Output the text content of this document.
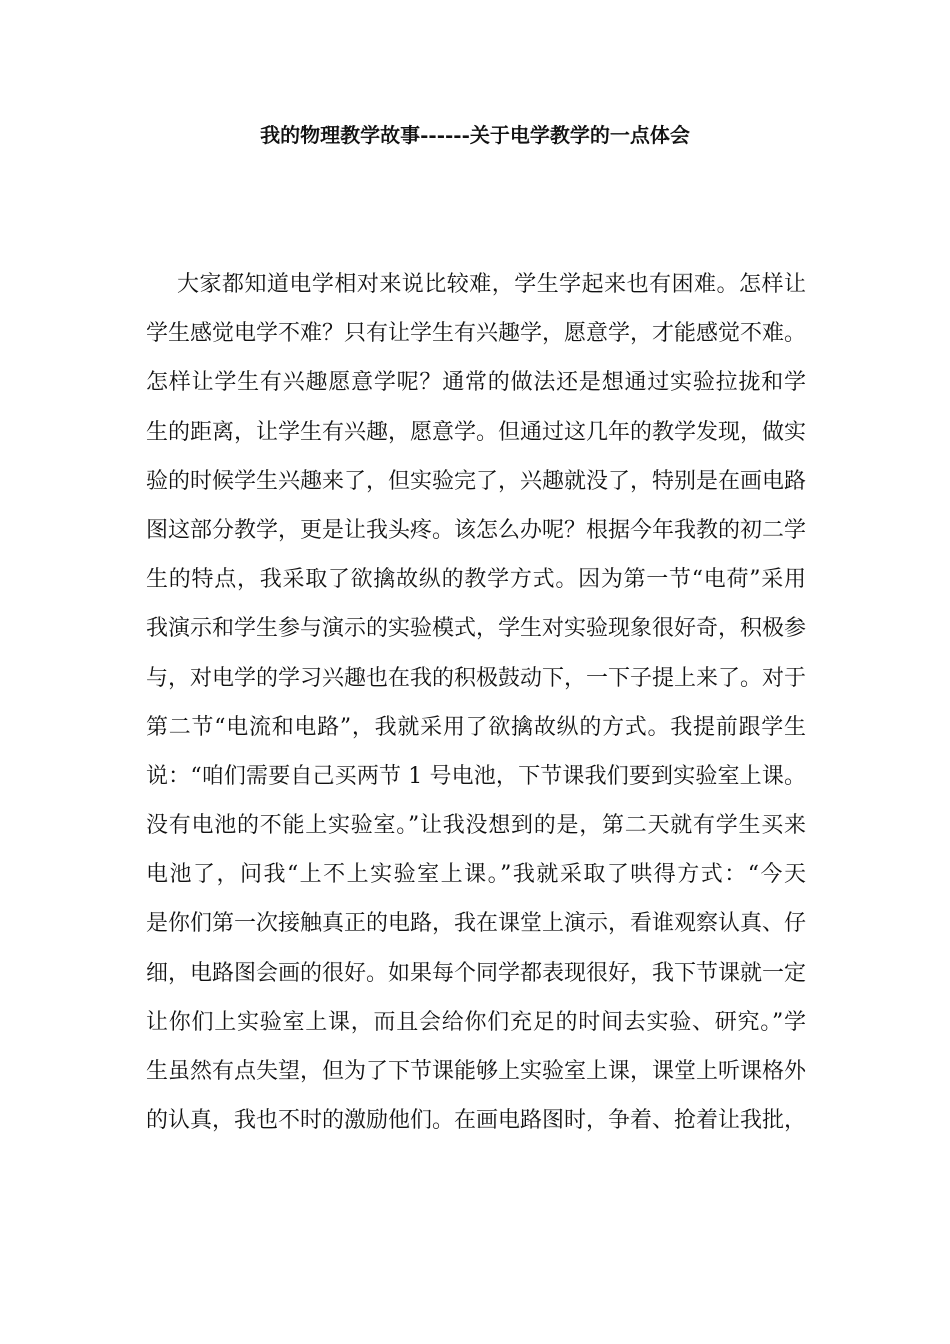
我的物理教学故事------关于电学教学的一点体会
大家都知道电学相对来说比较难，学生学起来也有困难。怎样让
学生感觉电学不难？只有让学生有兴趣学，愿意学，才能感觉不难。
怎样让学生有兴趣愿意学呢？通常的做法还是想通过实验拉拢和学
生的距离，让学生有兴趣，愿意学。但通过这几年的教学发现，做实
验的时候学生兴趣来了，但实验完了，兴趣就没了，特别是在画电路
图这部分教学，更是让我头疼。该怎么办呢？根据今年我教的初二学
生的特点，我采取了欲擒故纵的教学方式。因为第一节“电荷”采用
我演示和学生参与演示的实验模式，学生对实验现象很好奇，积极参
与，对电学的学习兴趣也在我的积极鼓动下，一下子提上来了。对于
第二节“电流和电路”，我就采用了欲擒故纵的方式。我提前跟学生
说：“咱们需要自己买两节 1 号电池，下节课我们要到实验室上课。
没有电池的不能上实验室。”让我没想到的是，第二天就有学生买来
电池了，问我“上不上实验室上课。”我就采取了哄得方式：“今天
是你们第一次接触真正的电路，我在课堂上演示，看谁观察认真、仔
细，电路图会画的很好。如果每个同学都表现很好，我下节课就一定
让你们上实验室上课，而且会给你们充足的时间去实验、研究。”学
生虽然有点失望，但为了下节课能够上实验室上课，课堂上听课格外
的认真，我也不时的激励他们。在画电路图时，争着、抢着让我批，
